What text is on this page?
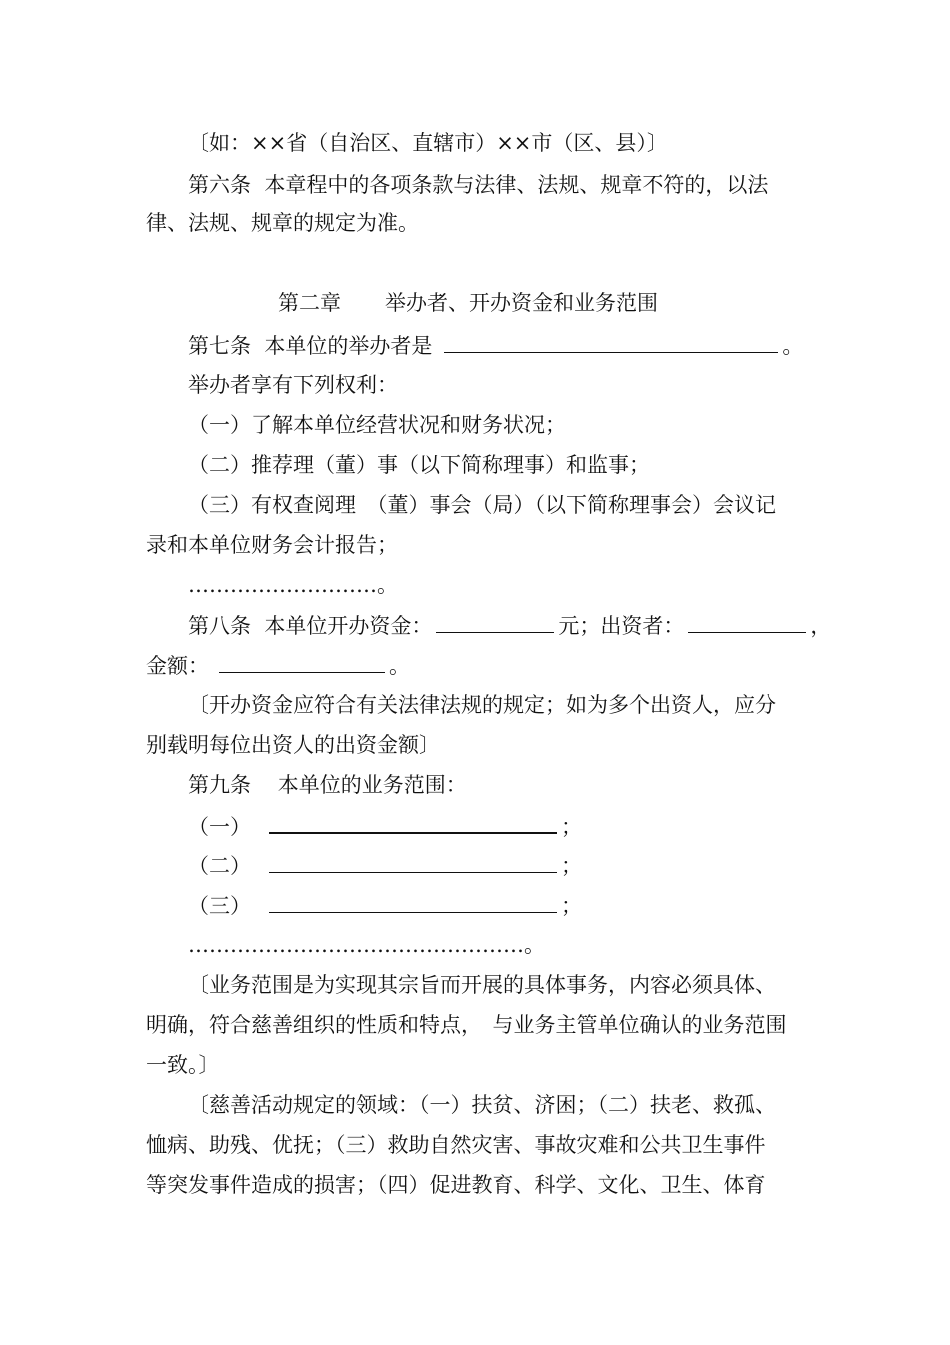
〔如：××省（自治区、直辖市）××市（区、县）〕
第六条 本章程中的各项条款与法律、法规、规章不符的，以法
律、法规、规章的规定为准。
第二章 举办者、开办资金和业务范围
第七条 本单位的举办者是	。
举办者享有下列权利：
（一）了解本单位经营状况和财务状况；
（二）推荐理（董）事（以下简称理事）和监事；
（三）有权查阅理　（董）事会（局）（以下简称理事会）会议记
录和本单位财务会计报告；
………………………。
第八条 本单位开办资金：	元；出资者：	，
金额：	。
〔开办资金应符合有关法律法规的规定；如为多个出资人，应分
别载明每位出资人的出资金额〕
第九条 本单位的业务范围：
（一）	；
（二）	；
（三）	；
…………………………………………。
〔业务范围是为实现其宗旨而开展的具体事务，内容必须具体、
明确，符合慈善组织的性质和特点，　与业务主管单位确认的业务范围
一致。〕
〔慈善活动规定的领域：（一）扶贫、济困；（二）扶老、救孤、
恤病、助残、优抚；（三）救助自然灾害、事故灾难和公共卫生事件
等突发事件造成的损害；（四）促进教育、科学、文化、卫生、体育
